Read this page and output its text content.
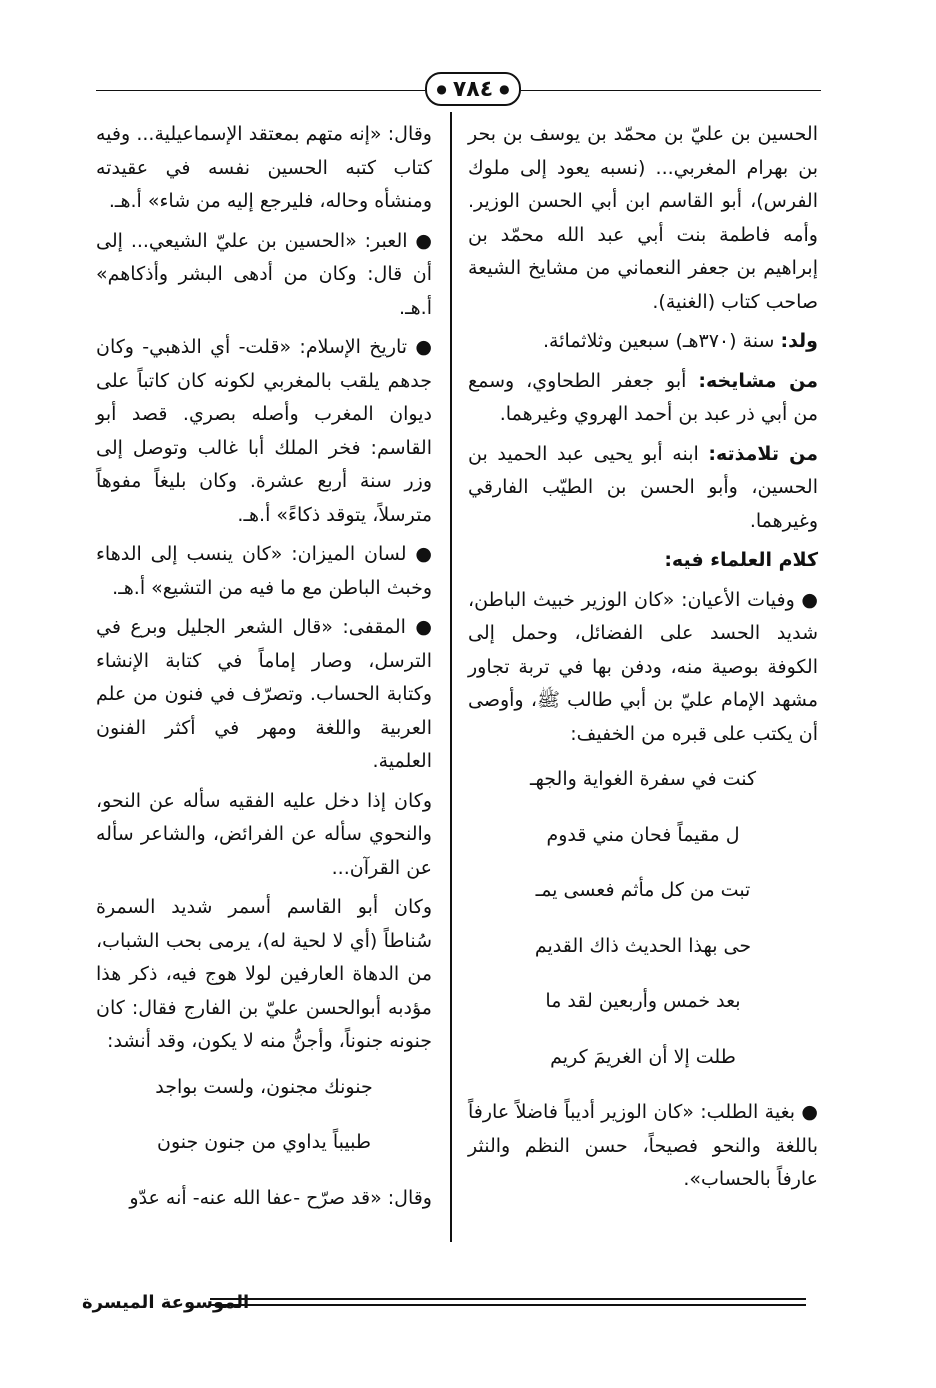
● ٧٨٤ ●

الحسين بن عليّ بن محمّد بن يوسف بن بحر بن بهرام المغربي... (نسبه يعود إلى ملوك الفرس)، أبو القاسم ابن أبي الحسن الوزير. وأمه فاطمة بنت أبي عبد الله محمّد بن إبراهيم بن جعفر النعماني من مشايخ الشيعة صاحب كتاب (الغنية).

ولد: سنة (٣٧٠هـ) سبعين وثلاثمائة.

من مشايخه: أبو جعفر الطحاوي، وسمع من أبي ذر عبد بن أحمد الهروي وغيرهما.

من تلامذته: ابنه أبو يحيى عبد الحميد بن الحسين، وأبو الحسن بن الطيّب الفارقي وغيرهما.

كلام العلماء فيه:

● وفيات الأعيان: «كان الوزير خبيث الباطن، شديد الحسد على الفضائل، وحمل إلى الكوفة بوصية منه، ودفن بها في تربة تجاور مشهد الإمام عليّ بن أبي طالب ﷺ، وأوصى أن يكتب على قبره من الخفيف:

كنت في سفرة الغواية والجهـ

ل مقيماً فحان مني قدوم

تبت من كل مأثم فعسى يمـ

حى بهذا الحديث ذاك القديم

بعد خمس وأربعين لقد ما

طلت إلا أن الغريمَ كريم

● بغية الطلب: «كان الوزير أديباً فاضلاً عارفاً باللغة والنحو فصيحاً، حسن النظم والنثر عارفاً بالحساب».

وقال: «إنه متهم بمعتقد الإسماعيلية... وفيه كتاب كتبه الحسين نفسه في عقيدته ومنشأه وحاله، فليرجع إليه من شاء» أ.هـ.

● العبر: «الحسين بن عليّ الشيعي... إلى أن قال: وكان من أدهى البشر وأذكاهم» أ.هـ.

● تاريخ الإسلام: «قلت- أي الذهبي- وكان جدهم يلقب بالمغربي لكونه كان كاتباً على ديوان المغرب وأصله بصري. قصد أبو القاسم: فخر الملك أبا غالب وتوصل إلى وزر سنة أربع عشرة. وكان بليغاً مفوهاً مترسلاً، يتوقد ذكاءً» أ.هـ.

● لسان الميزان: «كان ينسب إلى الدهاء وخبث الباطن مع ما فيه من التشيع» أ.هـ.

● المقفى: «قال الشعر الجليل وبرع في الترسل، وصار إماماً في كتابة الإنشاء وكتابة الحساب. وتصرّف في فنون من علم العربية واللغة ومهر في أكثر الفنون العلمية.

وكان إذا دخل عليه الفقيه سأله عن النحو، والنحوي سأله عن الفرائض، والشاعر سأله عن القرآن...

وكان أبو القاسم أسمر شديد السمرة سُناطاً (أي لا لحية له)، يرمى بحب الشباب، من الدهاة العارفين لولا هوج فيه، ذكر هذا مؤدبه أبوالحسن عليّ بن الفارج فقال: كان جنونه جنوناً، وأجنُّ منه لا يكون، وقد أنشد:

جنونك مجنون، ولست بواجد

طبيباً يداوي من جنون جنون

وقال: «قد صرّح -عفا الله عنه- أنه عدّو

الموسوعة الميسرة
